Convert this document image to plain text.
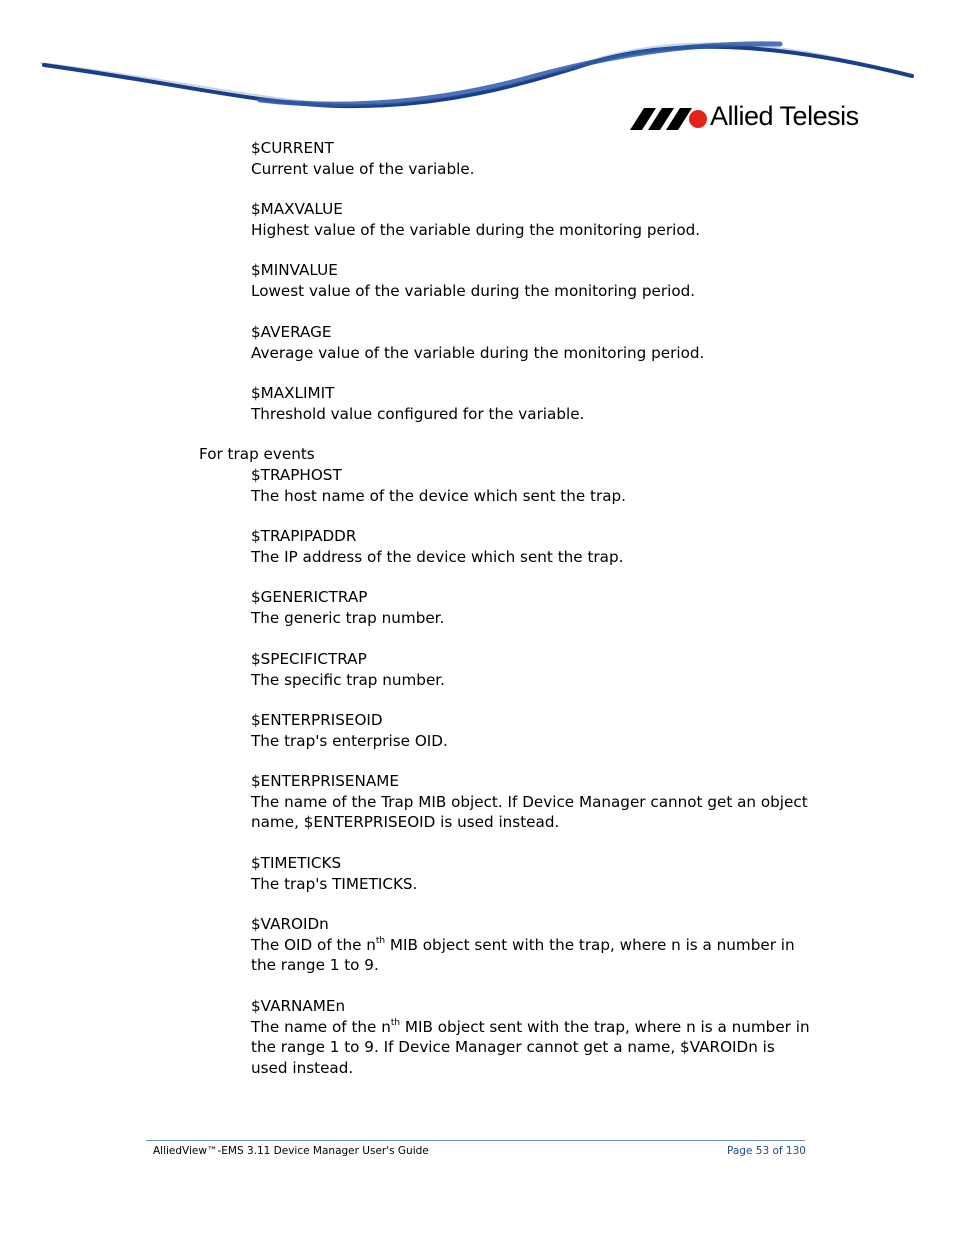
Allied Telesis
$CURRENT
Current value of the variable.
$MAXVALUE
Highest value of the variable during the monitoring period.
$MINVALUE
Lowest value of the variable during the monitoring period.
$AVERAGE
Average value of the variable during the monitoring period.
$MAXLIMIT
Threshold value configured for the variable.
For trap events
$TRAPHOST
The host name of the device which sent the trap.
$TRAPIPADDR
The IP address of the device which sent the trap.
$GENERICTRAP
The generic trap number.
$SPECIFICTRAP
The specific trap number.
$ENTERPRISEOID
The trap's enterprise OID.
$ENTERPRISENAME
The name of the Trap MIB object. If Device Manager cannot get an object name, $ENTERPRISEOID is used instead.
$TIMETICKS
The trap's TIMETICKS.
$VAROIDn
The OID of the $n^{th}$ MIB object sent with the trap, where n is a number in the range 1 to 9.
$VARNAMEn
The name of the $n^{th}$ MIB object sent with the trap, where n is a number in the range 1 to 9. If Device Manager cannot get a name, $VAROIDn is used instead.
AlliedView™-EMS 3.11 Device Manager User's Guide	Page 53 of 130
